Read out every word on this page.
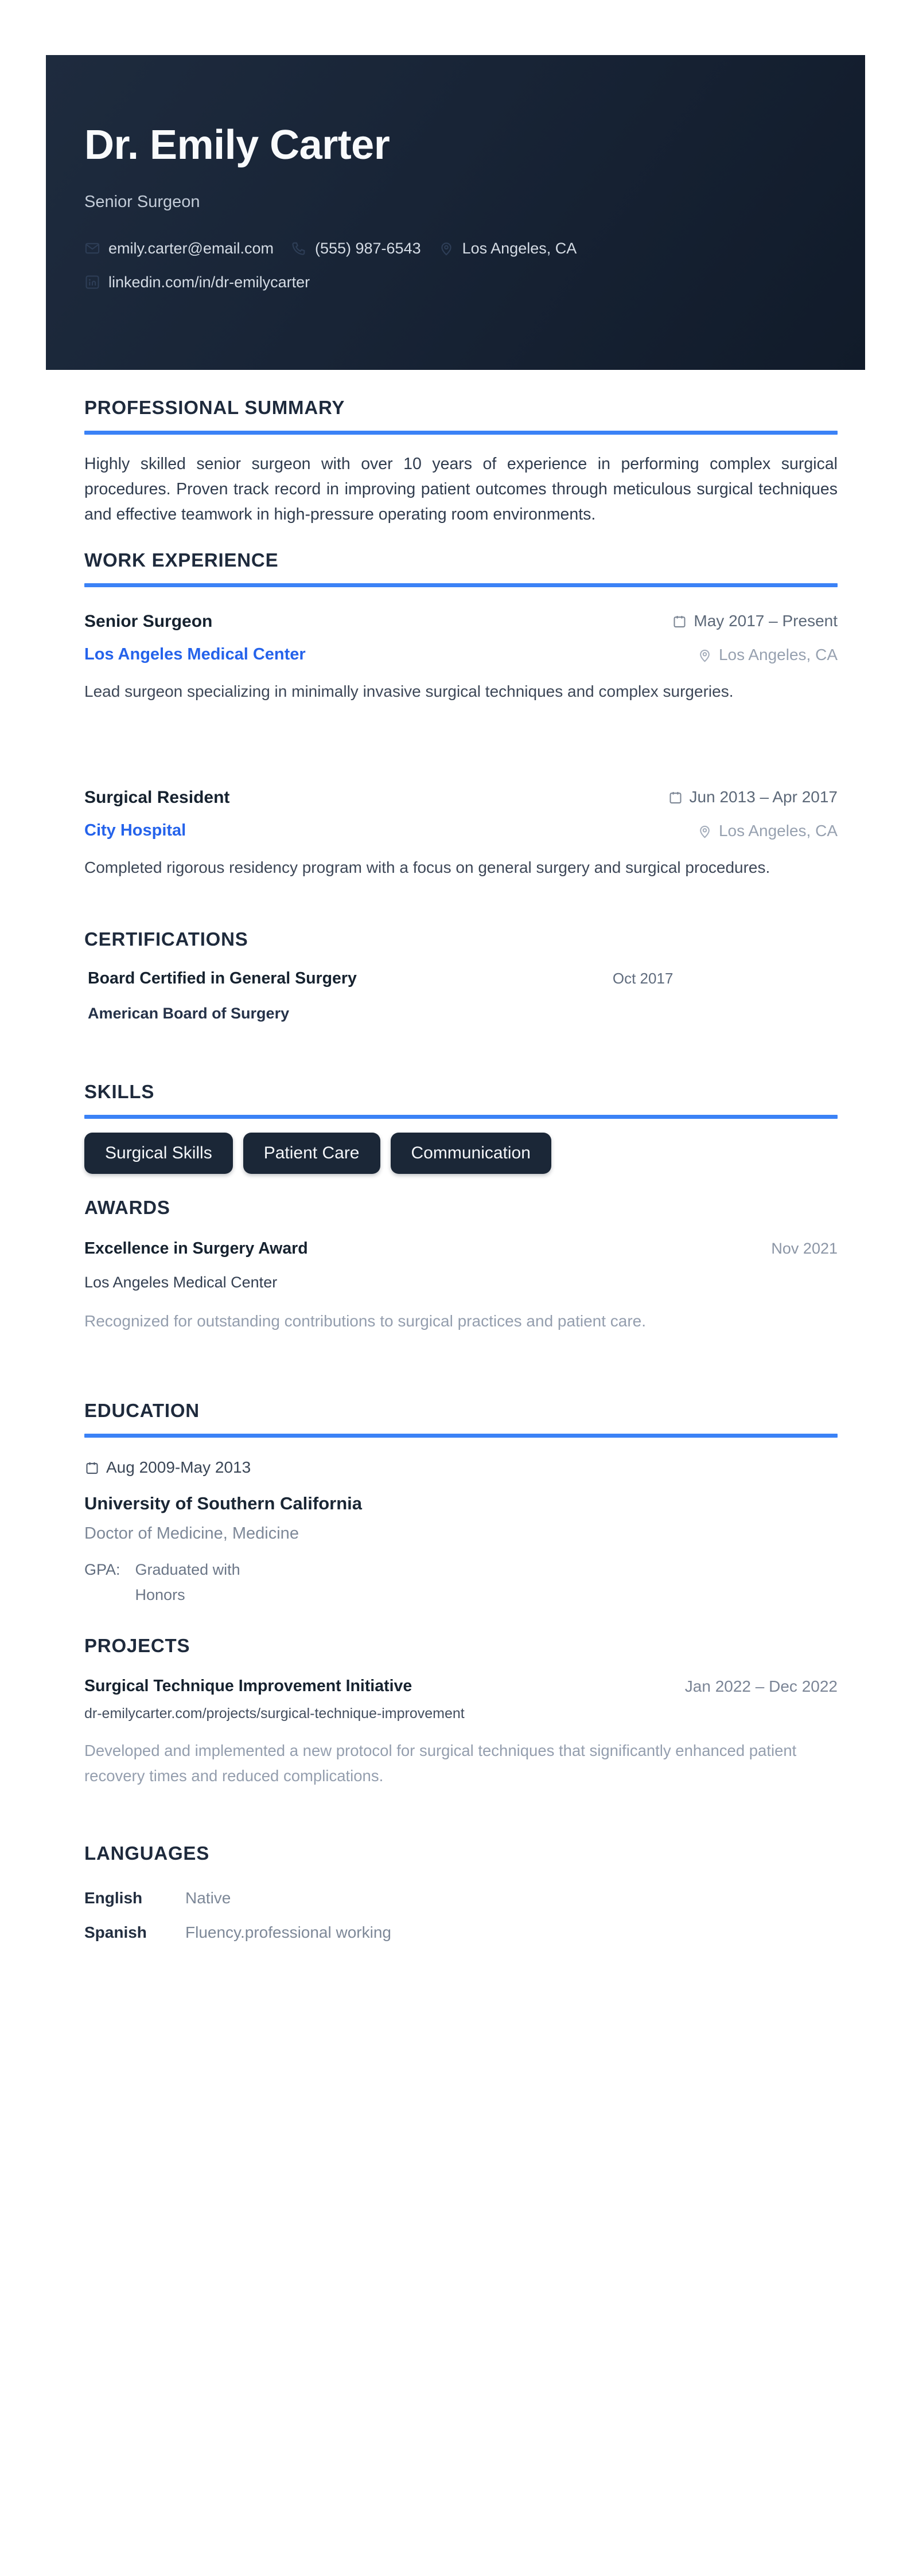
Dr. Emily Carter
Senior Surgeon
emily.carter@email.com	(555) 987-6543	Los Angeles, CA
linkedin.com/in/dr-emilycarter
PROFESSIONAL SUMMARY

Highly skilled senior surgeon with over 10 years of experience in performing complex surgical procedures. Proven track record in improving patient outcomes through meticulous surgical techniques and effective teamwork in high-pressure operating room environments.

WORK EXPERIENCE
Senior Surgeon	May 2017 – Present
Los Angeles Medical Center	Los Angeles, CA

Lead surgeon specializing in minimally invasive surgical techniques and complex surgeries.

Surgical Resident	Jun 2013 – Apr 2017
City Hospital	Los Angeles, CA

Completed rigorous residency program with a focus on general surgery and surgical procedures.

CERTIFICATIONS
Board Certified in General Surgery	Oct 2017
American Board of Surgery
SKILLS
Surgical Skills	Patient Care	Communication
AWARDS
Excellence in Surgery Award	Nov 2021
Los Angeles Medical Center

Recognized for outstanding contributions to surgical practices and patient care.

EDUCATION
Aug 2009-May 2013
University of Southern California
Doctor of Medicine, Medicine
GPA: Graduated with Honors
PROJECTS
Surgical Technique Improvement Initiative	Jan 2022 – Dec 2022
dr-emilycarter.com/projects/surgical-technique-improvement

Developed and implemented a new protocol for surgical techniques that significantly enhanced patient recovery times and reduced complications.

LANGUAGES
English	Native
Spanish	Fluency.professional working
